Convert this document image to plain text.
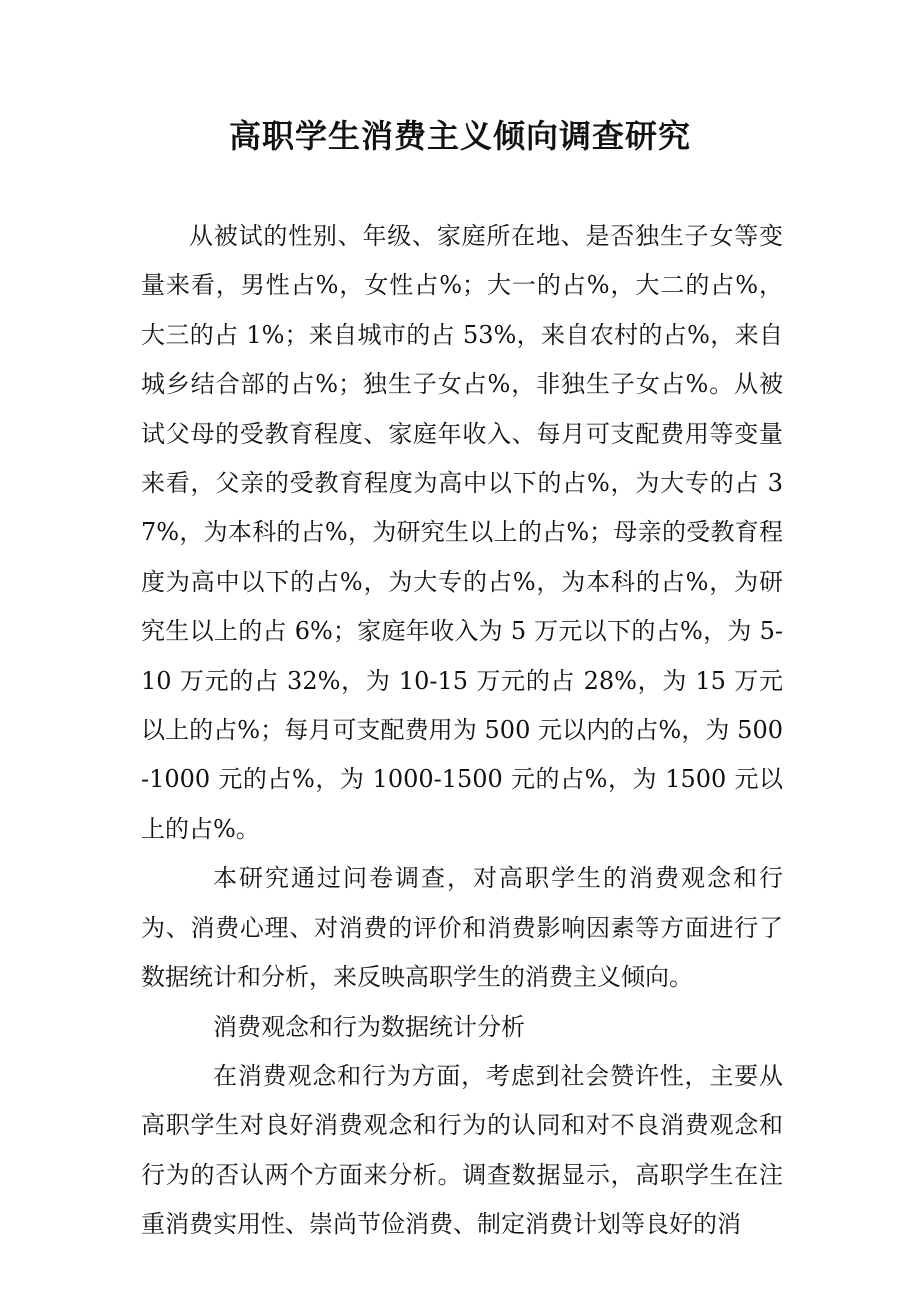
高职学生消费主义倾向调查研究

从被试的性别、年级、家庭所在地、是否独生子女等变量来看，男性占%，女性占%；大一的占%，大二的占%，大三的占 1%；来自城市的占 53%，来自农村的占%，来自城乡结合部的占%；独生子女占%，非独生子女占%。从被试父母的受教育程度、家庭年收入、每月可支配费用等变量来看，父亲的受教育程度为高中以下的占%，为大专的占 37%，为本科的占%，为研究生以上的占%；母亲的受教育程度为高中以下的占%，为大专的占%，为本科的占%，为研究生以上的占 6%；家庭年收入为 5 万元以下的占%，为 5-10 万元的占 32%，为 10-15 万元的占 28%，为 15 万元以上的占%；每月可支配费用为 500 元以内的占%，为 500-1000 元的占%，为 1000-1500 元的占%，为 1500 元以上的占%。

本研究通过问卷调查，对高职学生的消费观念和行为、消费心理、对消费的评价和消费影响因素等方面进行了数据统计和分析，来反映高职学生的消费主义倾向。

消费观念和行为数据统计分析

在消费观念和行为方面，考虑到社会赞许性，主要从高职学生对良好消费观念和行为的认同和对不良消费观念和行为的否认两个方面来分析。调查数据显示，高职学生在注重消费实用性、崇尚节俭消费、制定消费计划等良好的消
